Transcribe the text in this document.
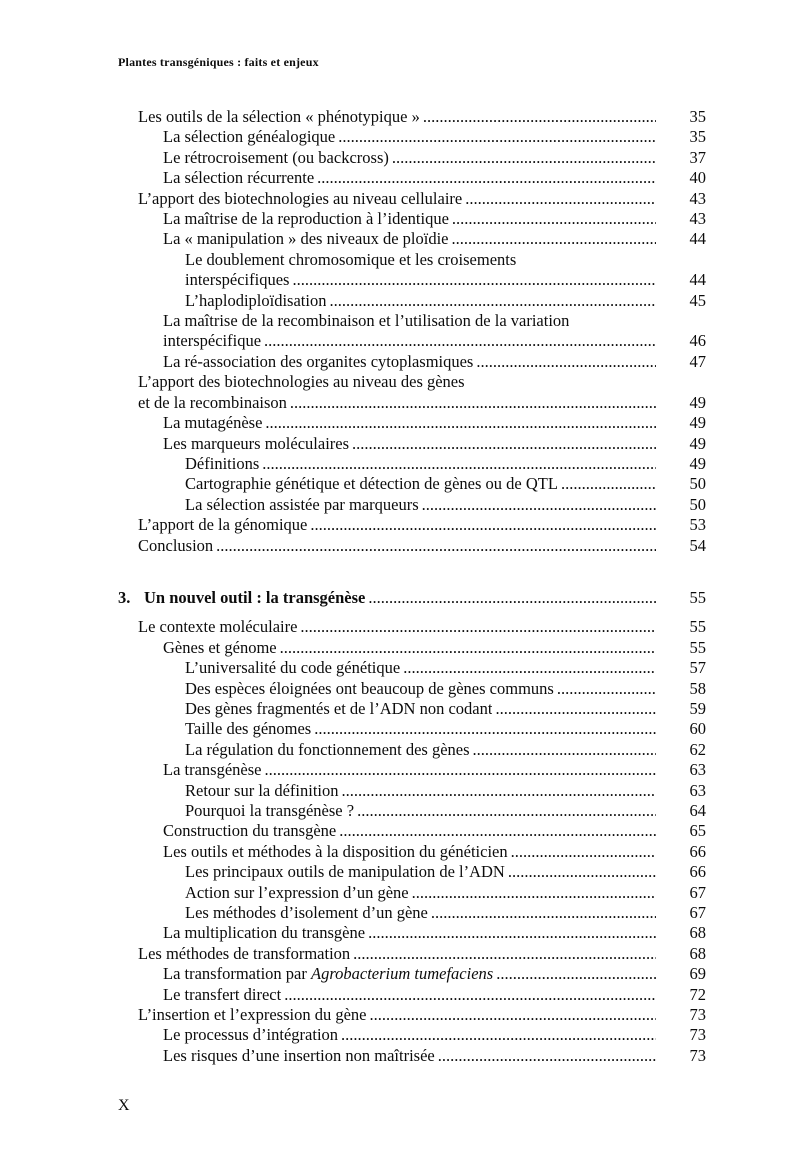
Plantes transgéniques : faits et enjeux
Les outils de la sélection « phénotypique » .....	35
La sélection généalogique .....	35
Le rétrocroisement (ou backcross) .....	37
La sélection récurrente .....	40
L’apport des biotechnologies au niveau cellulaire .....	43
La maîtrise de la reproduction à l’identique .....	43
La « manipulation » des niveaux de ploïdie .....	44
Le doublement chromosomique et les croisements
interspécifiques .....	44
L’haplodiploïdisation .....	45
La maîtrise de la recombinaison et l’utilisation de la variation
interspécifique .....	46
La ré-association des organites cytoplasmiques .....	47
L’apport des biotechnologies au niveau des gènes
et de la recombinaison .....	49
La mutagénèse .....	49
Les marqueurs moléculaires .....	49
Définitions .....	49
Cartographie génétique et détection de gènes ou de QTL .....	50
La sélection assistée par marqueurs .....	50
L’apport de la génomique .....	53
Conclusion .....	54
3. Un nouvel outil : la transgénèse .....	55
Le contexte moléculaire .....	55
Gènes et génome .....	55
L’universalité du code génétique .....	57
Des espèces éloignées ont beaucoup de gènes communs .....	58
Des gènes fragmentés et de l’ADN non codant .....	59
Taille des génomes .....	60
La régulation du fonctionnement des gènes .....	62
La transgénèse .....	63
Retour sur la définition .....	63
Pourquoi la transgénèse ? .....	64
Construction du transgène .....	65
Les outils et méthodes à la disposition du généticien .....	66
Les principaux outils de manipulation de l’ADN .....	66
Action sur l’expression d’un gène .....	67
Les méthodes d’isolement d’un gène .....	67
La multiplication du transgène .....	68
Les méthodes de transformation .....	68
La transformation par Agrobacterium tumefaciens .....	69
Le transfert direct .....	72
L’insertion et l’expression du gène .....	73
Le processus d’intégration .....	73
Les risques d’une insertion non maîtrisée .....	73
X
